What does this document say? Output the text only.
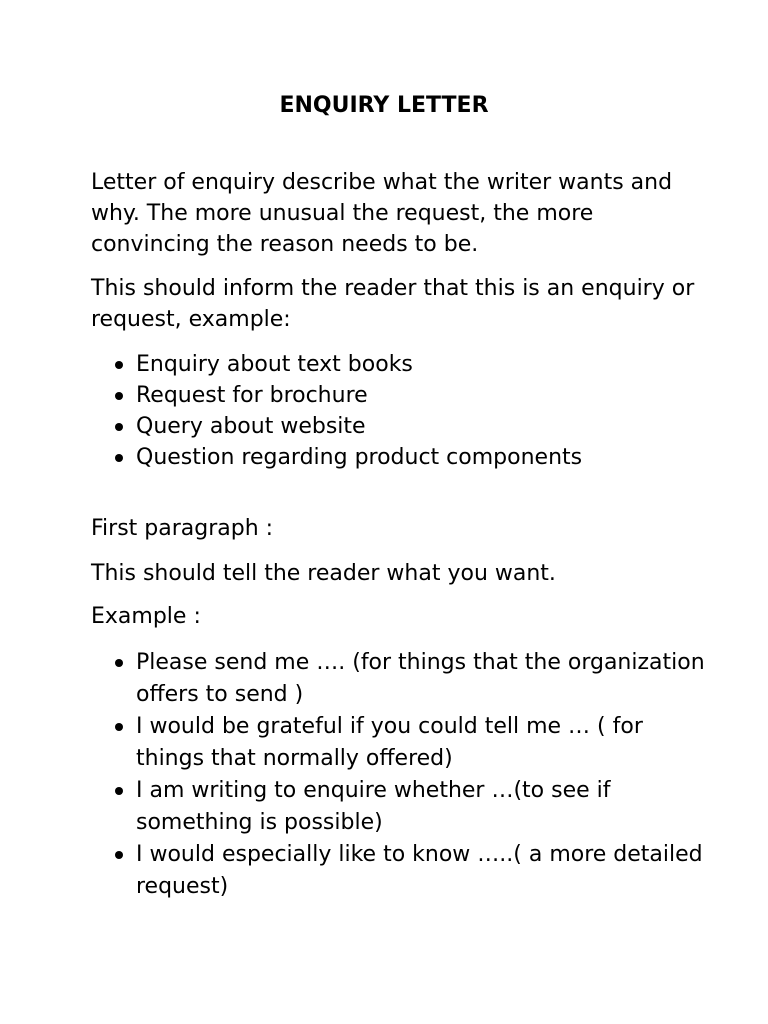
ENQUIRY LETTER

Letter of enquiry describe what the writer wants and why. The more unusual the request, the more convincing the reason needs to be.

This should inform the reader that this is an enquiry or request, example:

Enquiry about text books
Request for brochure
Query about website
Question regarding product components

First paragraph :

This should tell the reader what you want.

Example :

Please send me …. (for things that the organization offers to send )
I would be grateful if you could tell me … ( for things that normally offered)
I am writing to enquire whether …(to see if something is possible)
I would especially like to know …..( a more detailed request)
